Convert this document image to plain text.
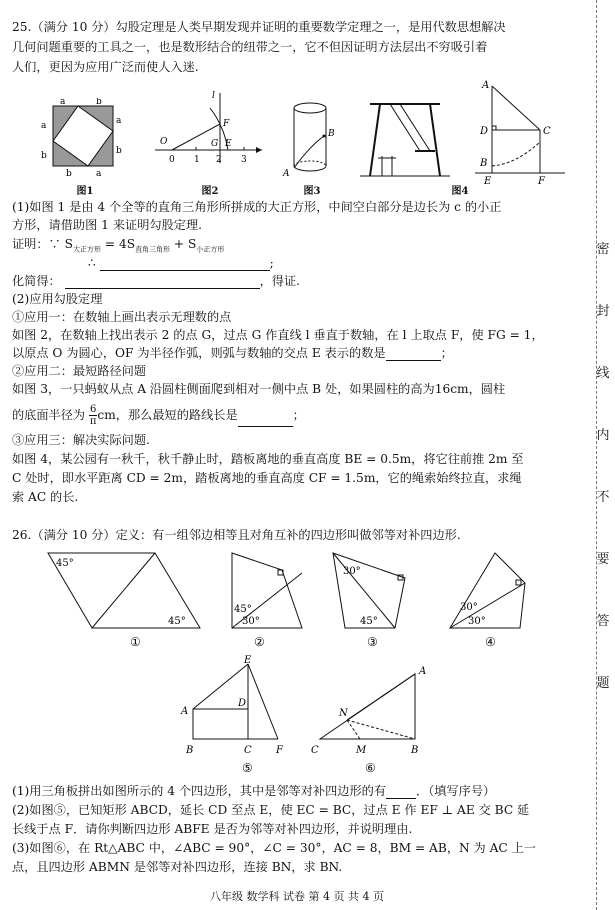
25.（满分 10 分）勾股定理是人类早期发现并证明的重要数学定理之一，是用代数思想解决
几何问题重要的工具之一，也是数形结合的纽带之一，它不但因证明方法层出不穷吸引着
人们，更因为应用广泛而使人入迷.
a	b
a
b
a
b
b	a
图1
l
F
O
0 1 2
G E
3
图2
B
A
图3
A
D	C
B
E	F
图4
(1)如图 1 是由 4 个全等的直角三角形所拼成的大正方形，中间空白部分是边长为 c 的小正
方形，请借助图 1 来证明勾股定理.
证明：∵ $S_{大正方形} = 4S_{直角三角形} + S_{小正方形}$
∴	;
化简得：	，得证.
(2)应用勾股定理
①应用一：在数轴上画出表示无理数的点
如图 2，在数轴上找出表示 2 的点 G，过点 G 作直线 l 垂直于数轴，在 l 上取点 F，使 FG = 1，
以原点 O 为圆心，OF 为半径作弧，则弧与数轴的交点 E 表示的数是	；
②应用二：最短路径问题
如图 3，一只蚂蚁从点 A 沿圆柱侧面爬到相对一侧中点 B 处，如果圆柱的高为16cm，圆柱
的底面半径为 $\frac{6}{\pi}$ cm，那么最短的路线长是	；
③应用三：解决实际问题.
如图 4，某公园有一秋千，秋千静止时，踏板离地的垂直高度 BE = 0.5m，将它往前推 2m 至
C 处时，即水平距离 CD = 2m，踏板离地的垂直高度 CF = 1.5m，它的绳索始终拉直，求绳
索 AC 的长.
26.（满分 10 分）定义：有一组邻边相等且对角互补的四边形叫做邻等对补四边形.
45°
45°
①
45°
30°
②
30°
45°
③
30°
30°
④
E
A
D
B	C F
⑤
N
C	M	B
A
⑥
(1)用三角板拼出如图所示的 4 个四边形，其中是邻等对补四边形的有 ．（填写序号）
(2)如图⑤，已知矩形 ABCD，延长 CD 至点 E，使 EC = BC，过点 E 作 EF ⊥ AE 交 BC 延
长线于点 F．请你判断四边形 ABFE 是否为邻等对补四边形，并说明理由.
(3)如图⑥，在 Rt△ABC 中，∠ABC = 90°，∠C = 30°，AC = 8，BM = AB，N 为 AC 上一
点，且四边形 ABMN 是邻等对补四边形，连接 BN，求 BN.
八年级 数学科 试卷 第 4 页 共 4 页
密
封
线
内
不
要
答
题
